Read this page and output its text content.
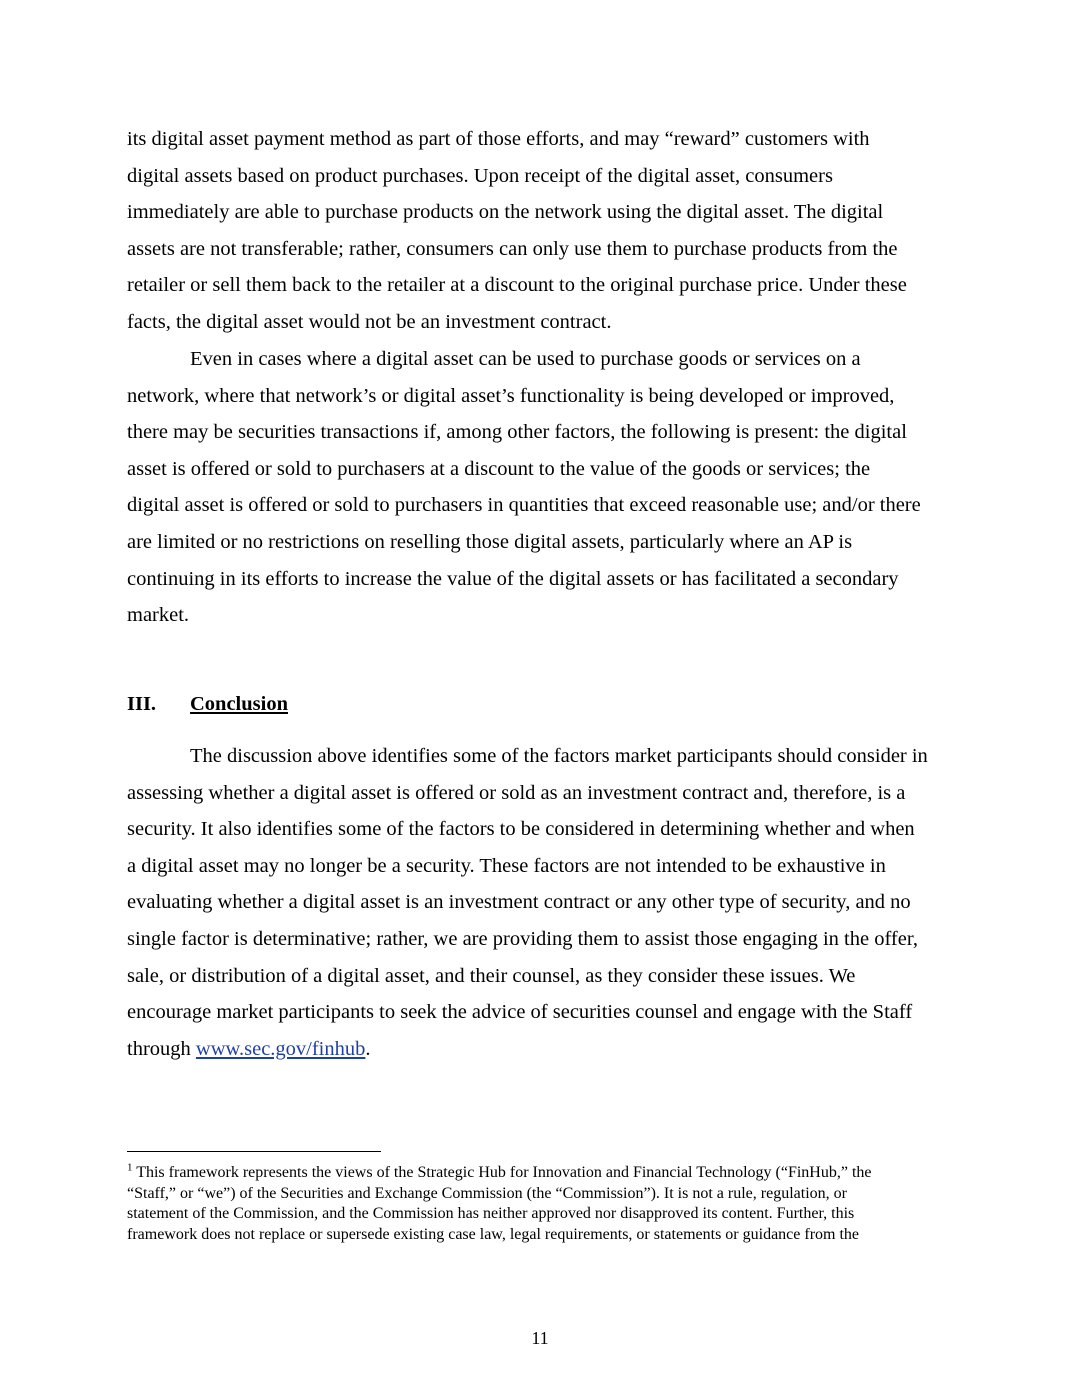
its digital asset payment method as part of those efforts, and may “reward” customers with
digital assets based on product purchases. Upon receipt of the digital asset, consumers
immediately are able to purchase products on the network using the digital asset. The digital
assets are not transferable; rather, consumers can only use them to purchase products from the
retailer or sell them back to the retailer at a discount to the original purchase price. Under these
facts, the digital asset would not be an investment contract.
Even in cases where a digital asset can be used to purchase goods or services on a
network, where that network’s or digital asset’s functionality is being developed or improved,
there may be securities transactions if, among other factors, the following is present: the digital
asset is offered or sold to purchasers at a discount to the value of the goods or services; the
digital asset is offered or sold to purchasers in quantities that exceed reasonable use; and/or there
are limited or no restrictions on reselling those digital assets, particularly where an AP is
continuing in its efforts to increase the value of the digital assets or has facilitated a secondary
market.
III. Conclusion
The discussion above identifies some of the factors market participants should consider in
assessing whether a digital asset is offered or sold as an investment contract and, therefore, is a
security. It also identifies some of the factors to be considered in determining whether and when
a digital asset may no longer be a security. These factors are not intended to be exhaustive in
evaluating whether a digital asset is an investment contract or any other type of security, and no
single factor is determinative; rather, we are providing them to assist those engaging in the offer,
sale, or distribution of a digital asset, and their counsel, as they consider these issues. We
encourage market participants to seek the advice of securities counsel and engage with the Staff
through www.sec.gov/finhub.
$^1$ This framework represents the views of the Strategic Hub for Innovation and Financial Technology (“FinHub,” the
“Staff,” or “we”) of the Securities and Exchange Commission (the “Commission”). It is not a rule, regulation, or
statement of the Commission, and the Commission has neither approved nor disapproved its content. Further, this
framework does not replace or supersede existing case law, legal requirements, or statements or guidance from the
11
